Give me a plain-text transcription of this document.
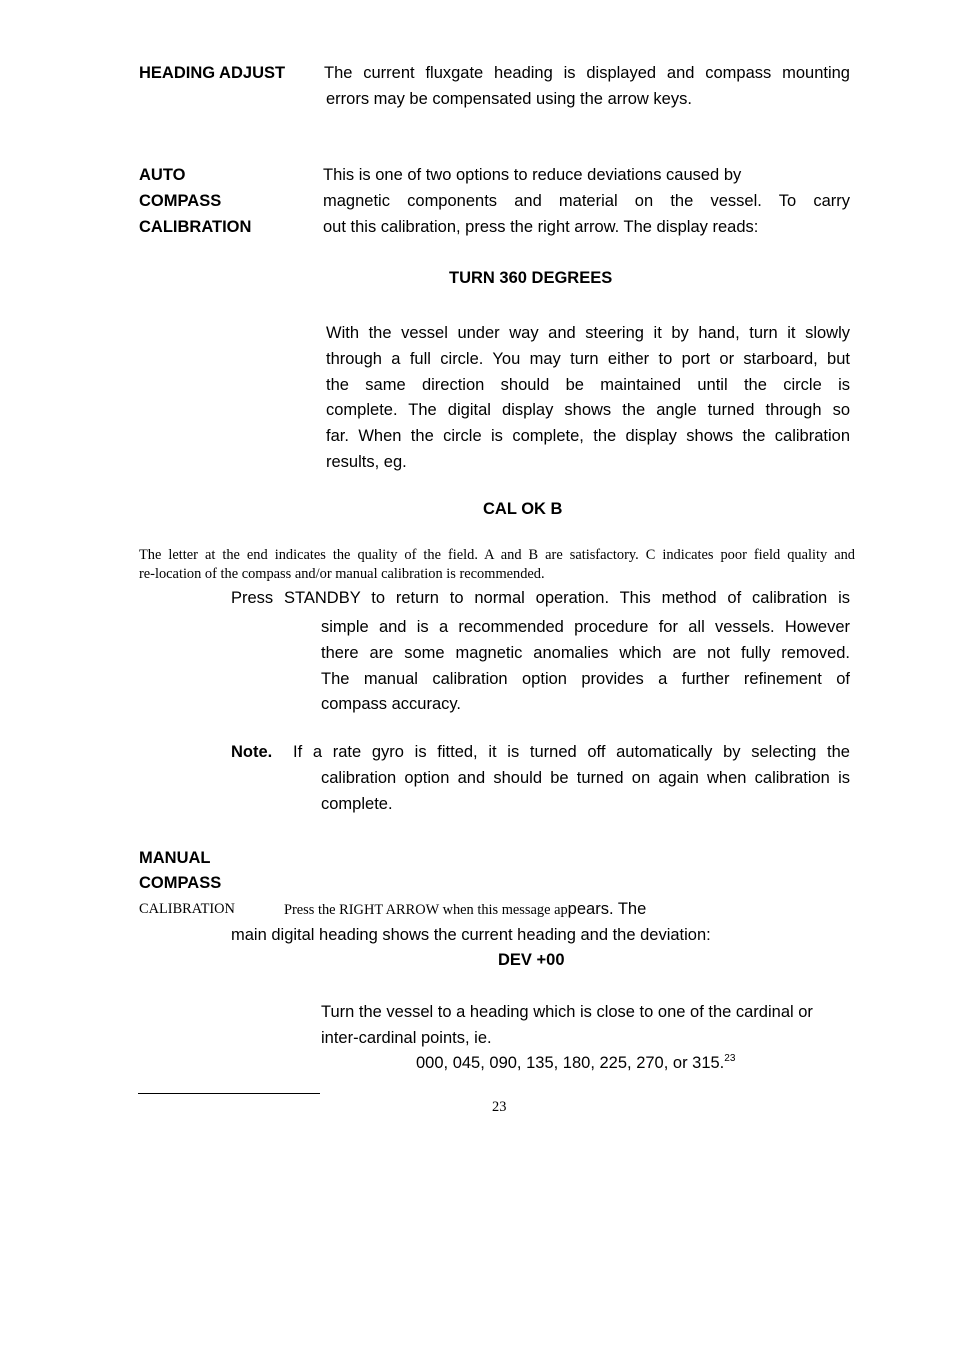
HEADING ADJUST The current fluxgate heading is displayed and compass mounting
errors may be compensated using the arrow keys.
AUTO
COMPASS
CALIBRATION
This is one of two options to reduce deviations caused by
magnetic components and material on the vessel. To carry
out this calibration, press the right arrow. The display reads:
TURN 360 DEGREES
With the vessel under way and steering it by hand, turn it slowly
through a full circle. You may turn either to port or starboard, but
the same direction should be maintained until the circle is
complete. The digital display shows the angle turned through so
far. When the circle is complete, the display shows the calibration
results, eg.
CAL OK B
The letter at the end indicates the quality of the field. A and B are satisfactory. C indicates poor field quality and
re-location of the compass and/or manual calibration is recommended.
Press STANDBY to return to normal operation. This method of calibration is
simple and is a recommended procedure for all vessels. However
there are some magnetic anomalies which are not fully removed.
The manual calibration option provides a further refinement of
compass accuracy.
Note. If a rate gyro is fitted, it is turned off automatically by selecting the
calibration option and should be turned on again when calibration is
complete.
MANUAL
COMPASS
CALIBRATION	Press the RIGHT ARROW when this message appears. The
main digital heading shows the current heading and the deviation:
DEV +00
Turn the vessel to a heading which is close to one of the cardinal or
inter-cardinal points, ie.
000, 045, 090, 135, 180, 225, 270, or 315.23
23
